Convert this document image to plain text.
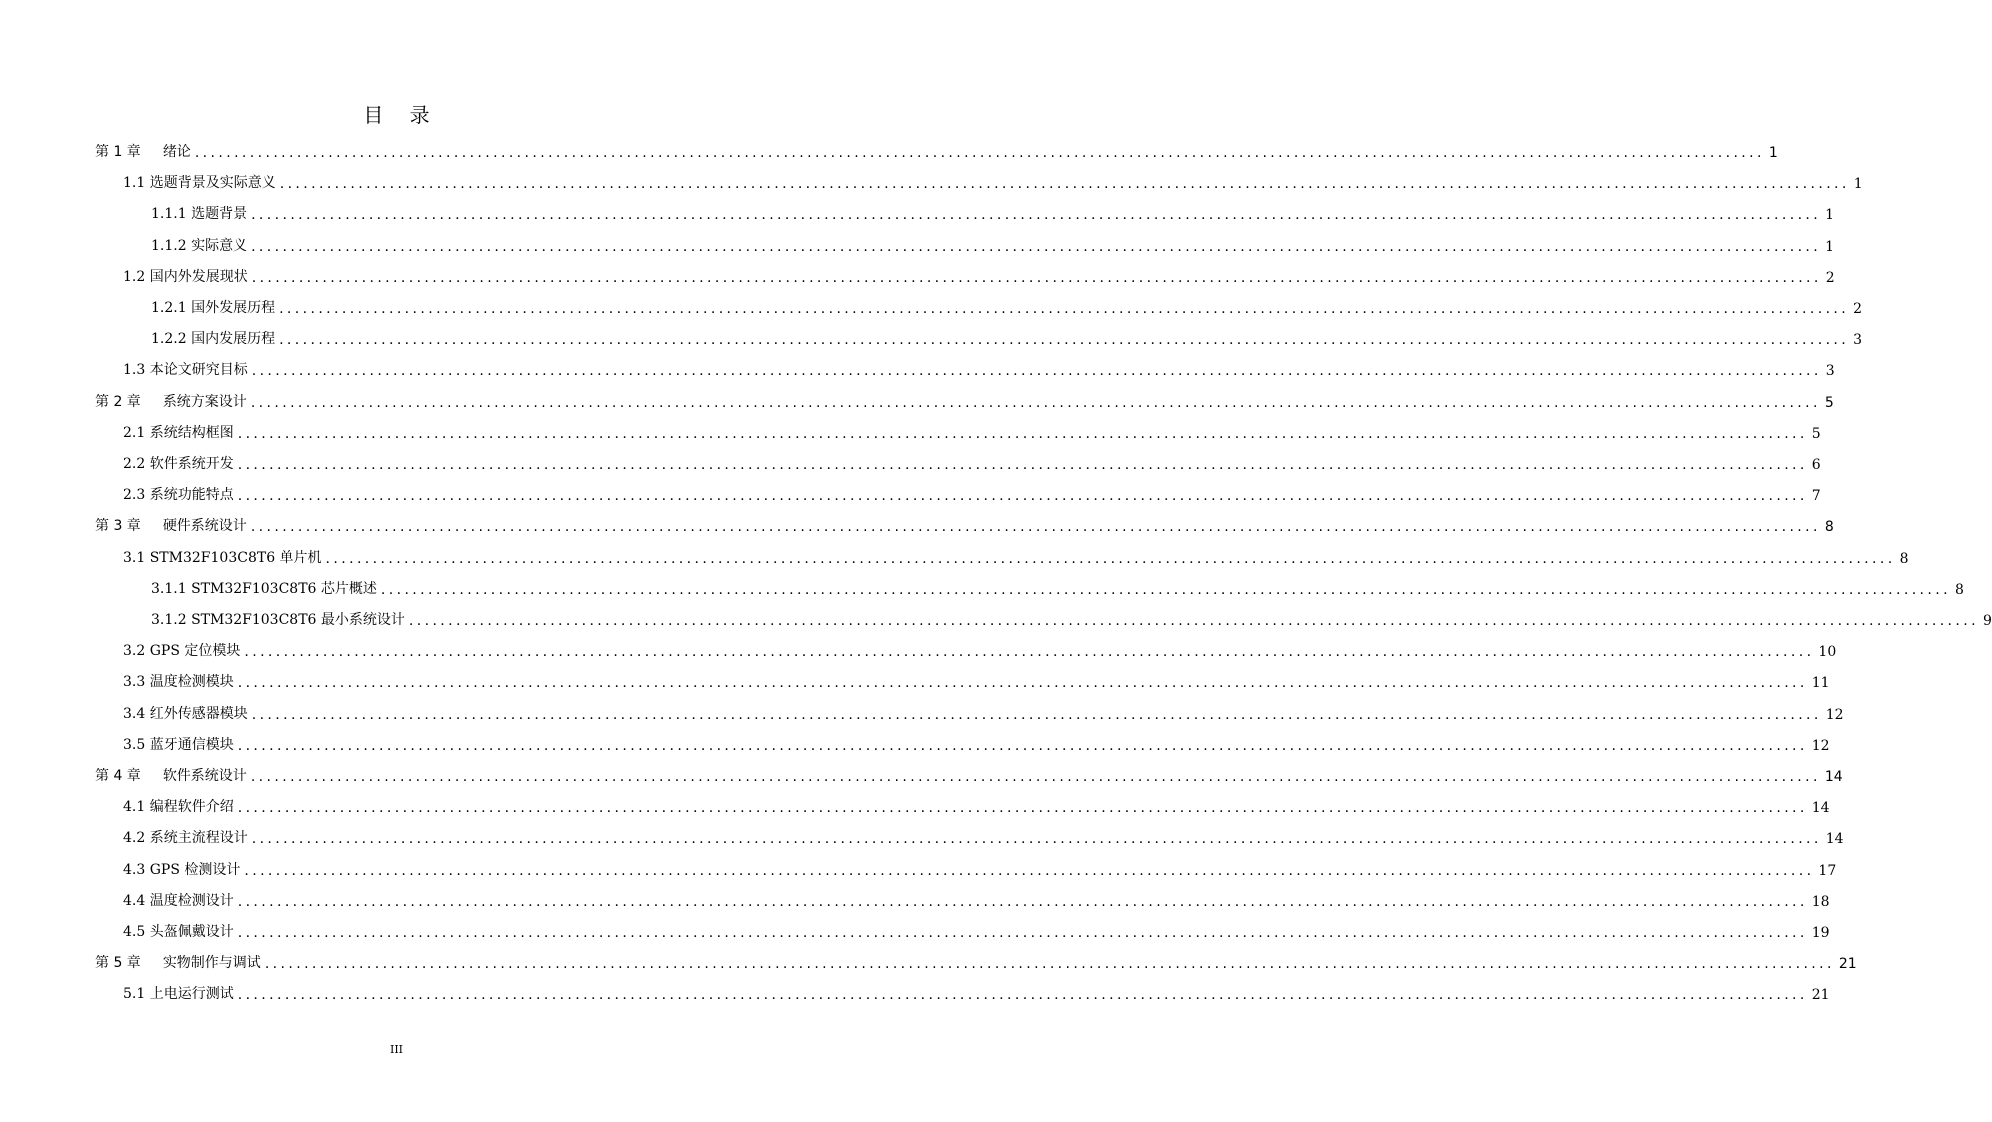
目 录
第 1 章 绪论 ........................................................................................................................................................................................................ 1
1.1 选题背景及实际意义 ........................................................................................................................................................................................................ 1
1.1.1 选题背景 ........................................................................................................................................................................................................ 1
1.1.2 实际意义 ........................................................................................................................................................................................................ 1
1.2 国内外发展现状 ........................................................................................................................................................................................................ 2
1.2.1 国外发展历程 ........................................................................................................................................................................................................ 2
1.2.2 国内发展历程 ........................................................................................................................................................................................................ 3
1.3 本论文研究目标 ........................................................................................................................................................................................................ 3
第 2 章 系统方案设计 ........................................................................................................................................................................................................ 5
2.1 系统结构框图 ........................................................................................................................................................................................................ 5
2.2 软件系统开发 ........................................................................................................................................................................................................ 6
2.3 系统功能特点 ........................................................................................................................................................................................................ 7
第 3 章 硬件系统设计 ........................................................................................................................................................................................................ 8
3.1 STM32F103C8T6 单片机 ........................................................................................................................................................................................................ 8
3.1.1 STM32F103C8T6 芯片概述 ........................................................................................................................................................................................................ 8
3.1.2 STM32F103C8T6 最小系统设计 ........................................................................................................................................................................................................ 9
3.2 GPS 定位模块 ........................................................................................................................................................................................................ 10
3.3 温度检测模块 ........................................................................................................................................................................................................ 11
3.4 红外传感器模块 ........................................................................................................................................................................................................ 12
3.5 蓝牙通信模块 ........................................................................................................................................................................................................ 12
第 4 章 软件系统设计 ........................................................................................................................................................................................................ 14
4.1 编程软件介绍 ........................................................................................................................................................................................................ 14
4.2 系统主流程设计 ........................................................................................................................................................................................................ 14
4.3 GPS 检测设计 ........................................................................................................................................................................................................ 17
4.4 温度检测设计 ........................................................................................................................................................................................................ 18
4.5 头盔佩戴设计 ........................................................................................................................................................................................................ 19
第 5 章 实物制作与调试 ........................................................................................................................................................................................................ 21
5.1 上电运行测试 ........................................................................................................................................................................................................ 21
III
